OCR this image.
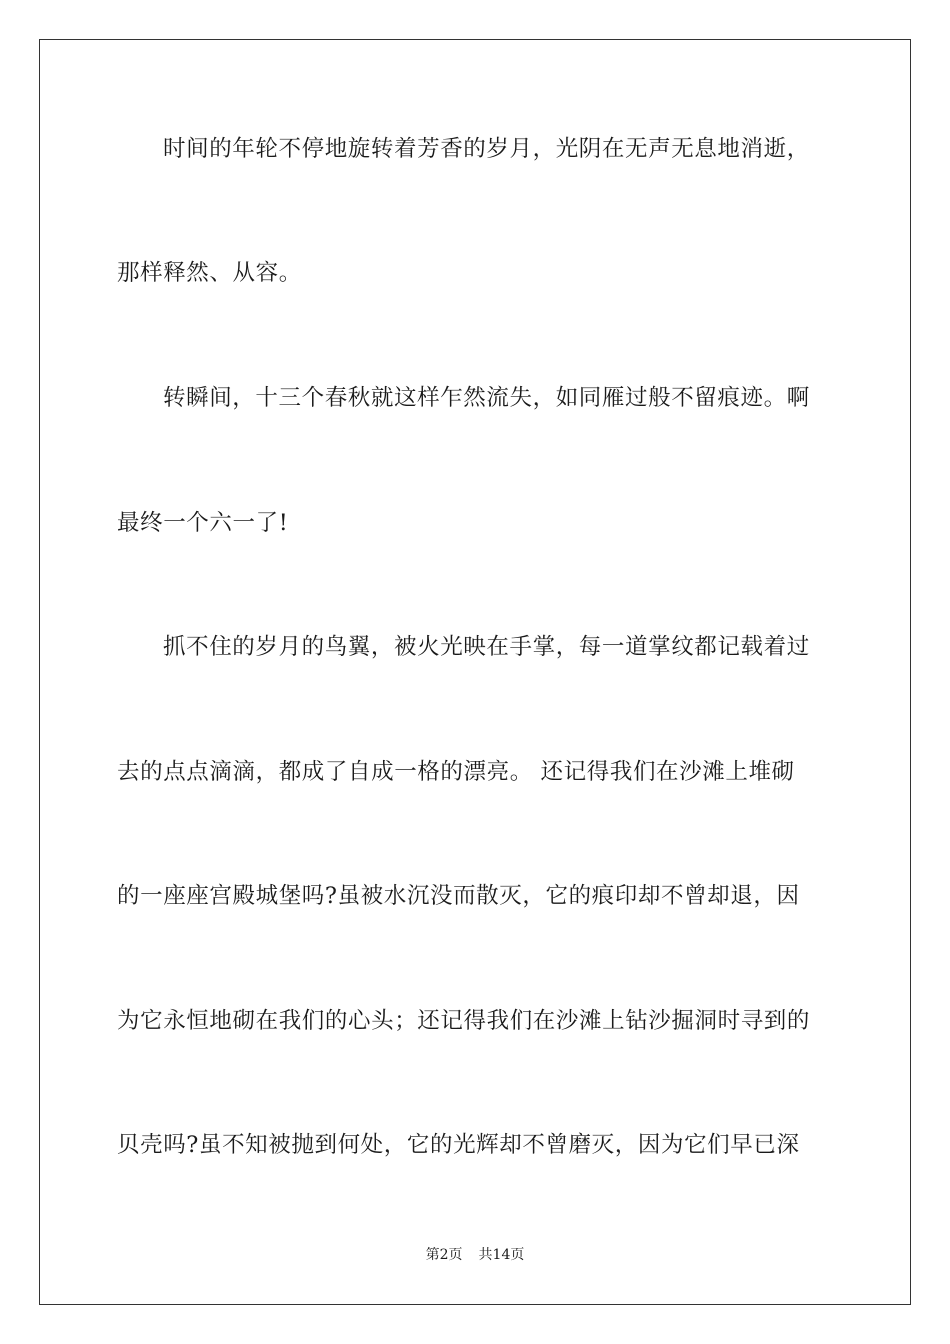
时间的年轮不停地旋转着芳香的岁月，光阴在无声无息地消逝，
那样释然、从容。
转瞬间，十三个春秋就这样乍然流失，如同雁过般不留痕迹。啊
最终一个六一了!
抓不住的岁月的鸟翼，被火光映在手掌，每一道掌纹都记载着过
去的点点滴滴，都成了自成一格的漂亮。 还记得我们在沙滩上堆砌
的一座座宫殿城堡吗?虽被水沉没而散灭，它的痕印却不曾却退，因
为它永恒地砌在我们的心头；还记得我们在沙滩上钻沙掘洞时寻到的
贝壳吗?虽不知被抛到何处，它的光辉却不曾磨灭，因为它们早已深
第2页 共14页
